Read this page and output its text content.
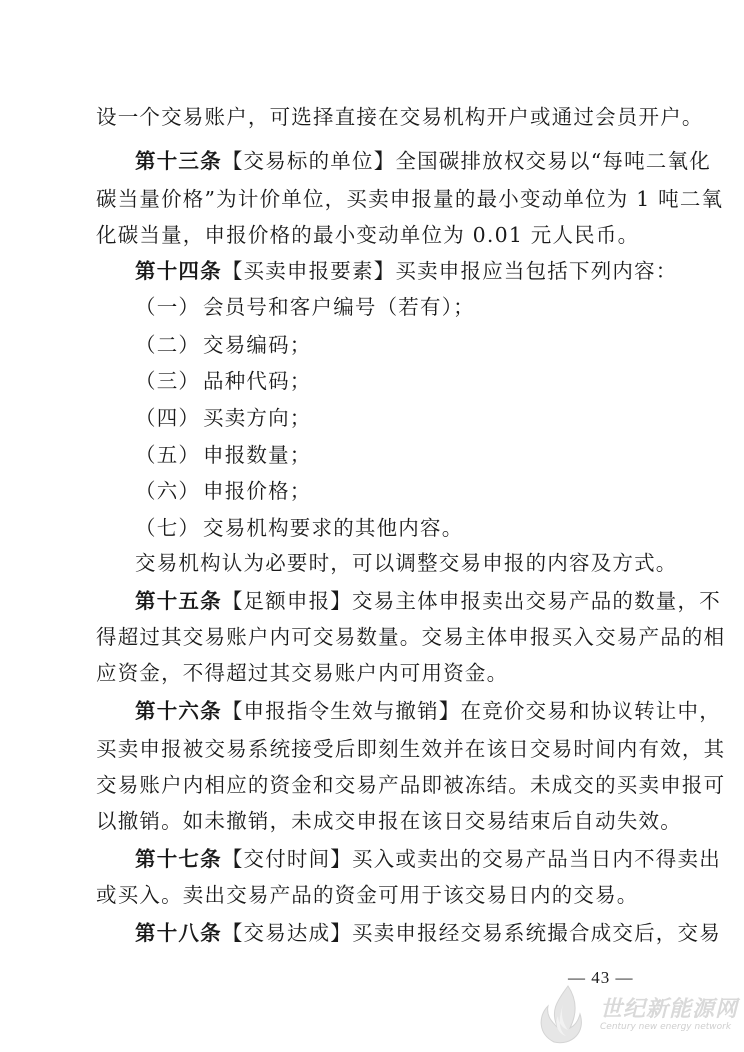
设一个交易账户，可选择直接在交易机构开户或通过会员开户。
第十三条【交易标的单位】全国碳排放权交易以“每吨二氧化
碳当量价格”为计价单位，买卖申报量的最小变动单位为 1 吨二氧
化碳当量，申报价格的最小变动单位为 0.01 元人民币。
第十四条【买卖申报要素】买卖申报应当包括下列内容：
（一） 会员号和客户编号（若有）；
（二） 交易编码；
（三） 品种代码；
（四） 买卖方向；
（五） 申报数量；
（六） 申报价格；
（七） 交易机构要求的其他内容。
交易机构认为必要时，可以调整交易申报的内容及方式。
第十五条【足额申报】交易主体申报卖出交易产品的数量，不
得超过其交易账户内可交易数量。交易主体申报买入交易产品的相
应资金，不得超过其交易账户内可用资金。
第十六条【申报指令生效与撤销】在竞价交易和协议转让中，
买卖申报被交易系统接受后即刻生效并在该日交易时间内有效，其
交易账户内相应的资金和交易产品即被冻结。未成交的买卖申报可
以撤销。如未撤销，未成交申报在该日交易结束后自动失效。
第十七条【交付时间】买入或卖出的交易产品当日内不得卖出
或买入。卖出交易产品的资金可用于该交易日内的交易。
第十八条【交易达成】买卖申报经交易系统撮合成交后，交易
— 43 —
世纪新能源网
Century new energy network
